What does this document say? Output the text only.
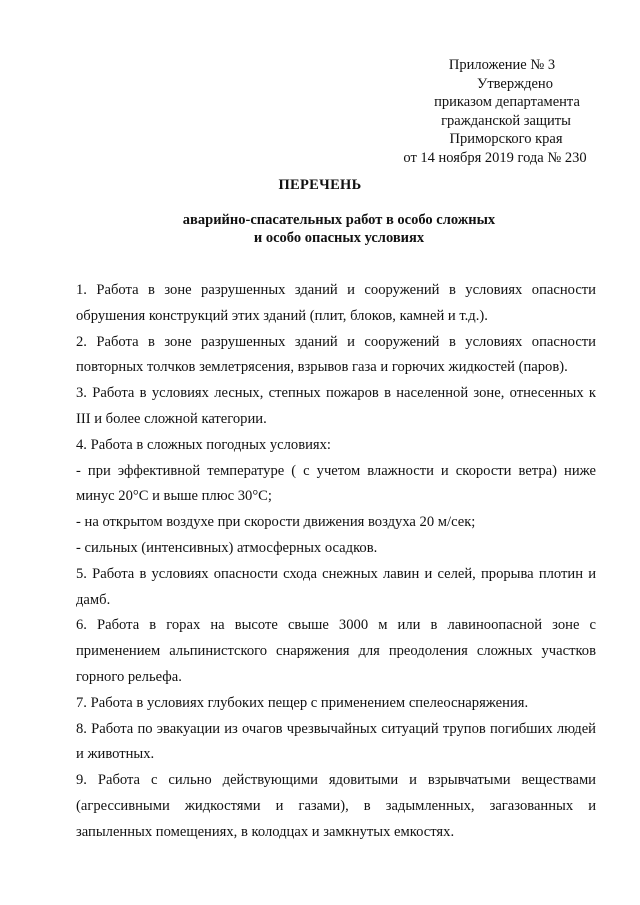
Приложение № 3
Утверждено
приказом департамента
гражданской защиты
Приморского края
от 14 ноября 2019 года № 230
ПЕРЕЧЕНЬ
аварийно-спасательных работ в особо сложных
и особо опасных условиях

1. Работа в зоне разрушенных зданий и сооружений в условиях опасности обрушения конструкций этих зданий (плит, блоков, камней и т.д.).

2. Работа в зоне разрушенных зданий и сооружений в условиях опасности повторных толчков землетрясения, взрывов газа и горючих жидкостей (паров).

3. Работа в условиях лесных, степных пожаров в населенной зоне, отнесенных к III и более сложной категории.

4. Работа в сложных погодных условиях:

- при эффективной температуре ( с учетом влажности и скорости ветра) ниже минус 20°С и выше плюс 30°С;

- на открытом воздухе при скорости движения воздуха 20 м/сек;

- сильных (интенсивных) атмосферных осадков.

5. Работа в условиях опасности схода снежных лавин и селей, прорыва плотин и дамб.

6. Работа в горах на высоте свыше 3000 м или в лавиноопасной зоне с применением альпинистского снаряжения для преодоления сложных участков горного рельефа.

7. Работа в условиях глубоких пещер с применением спелеоснаряжения.

8. Работа по эвакуации из очагов чрезвычайных ситуаций трупов погибших людей и животных.

9. Работа с сильно действующими ядовитыми и взрывчатыми веществами (агрессивными жидкостями и газами), в задымленных, загазованных и запыленных помещениях, в колодцах и замкнутых емкостях.
